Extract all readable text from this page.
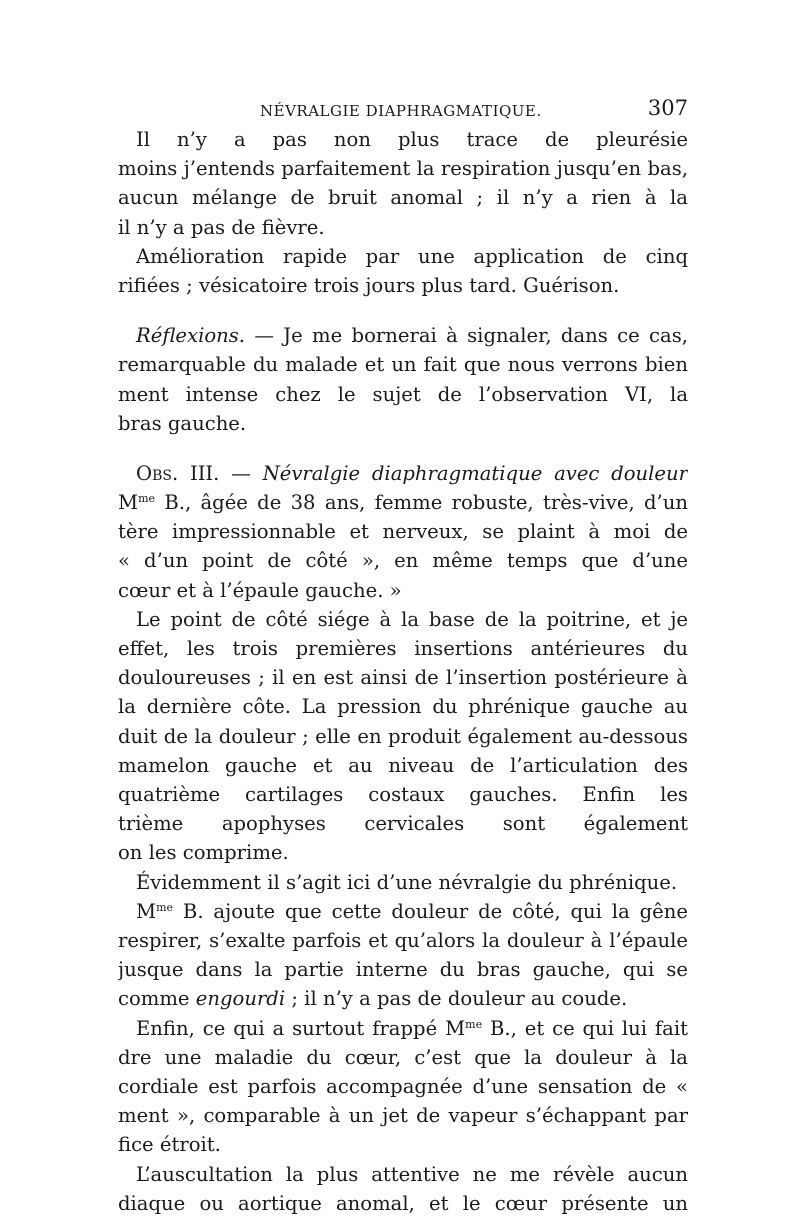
NÉVRALGIE DIAPHRAGMATIQUE.	307
Il n’y a pas non plus trace de pleurésie
moins j’entends parfaitement la respiration jusqu’en bas,
aucun mélange de bruit anomal ; il n’y a rien à la
il n’y a pas de fièvre.
Amélioration rapide par une application de cinq
rifiées ; vésicatoire trois jours plus tard. Guérison.
Réflexions. — Je me bornerai à signaler, dans ce cas,
remarquable du malade et un fait que nous verrons bien
ment intense chez le sujet de l’observation VI, la
bras gauche.
Obs. III. — Névralgie diaphragmatique avec douleur
$M^{me}$ B., âgée de 38 ans, femme robuste, très-vive, d’un
tère impressionnable et nerveux, se plaint à moi de
« d’un point de côté », en même temps que d’une
cœur et à l’épaule gauche. »
Le point de côté siége à la base de la poitrine, et je
effet, les trois premières insertions antérieures du
douloureuses ; il en est ainsi de l’insertion postérieure à
la dernière côte. La pression du phrénique gauche au
duit de la douleur ; elle en produit également au-dessous
mamelon gauche et au niveau de l’articulation des
quatrième cartilages costaux gauches. Enfin les
trième apophyses cervicales sont également
on les comprime.
Évidemment il s’agit ici d’une névralgie du phrénique.
$M^{me}$ B. ajoute que cette douleur de côté, qui la gêne
respirer, s’exalte parfois et qu’alors la douleur à l’épaule
jusque dans la partie interne du bras gauche, qui se
comme engourdi ; il n’y a pas de douleur au coude.
Enfin, ce qui a surtout frappé $M^{me}$ B., et ce qui lui fait
dre une maladie du cœur, c’est que la douleur à la
cordiale est parfois accompagnée d’une sensation de «
ment », comparable à un jet de vapeur s’échappant par
fice étroit.
L’auscultation la plus attentive ne me révèle aucun
diaque ou aortique anomal, et le cœur présente un
